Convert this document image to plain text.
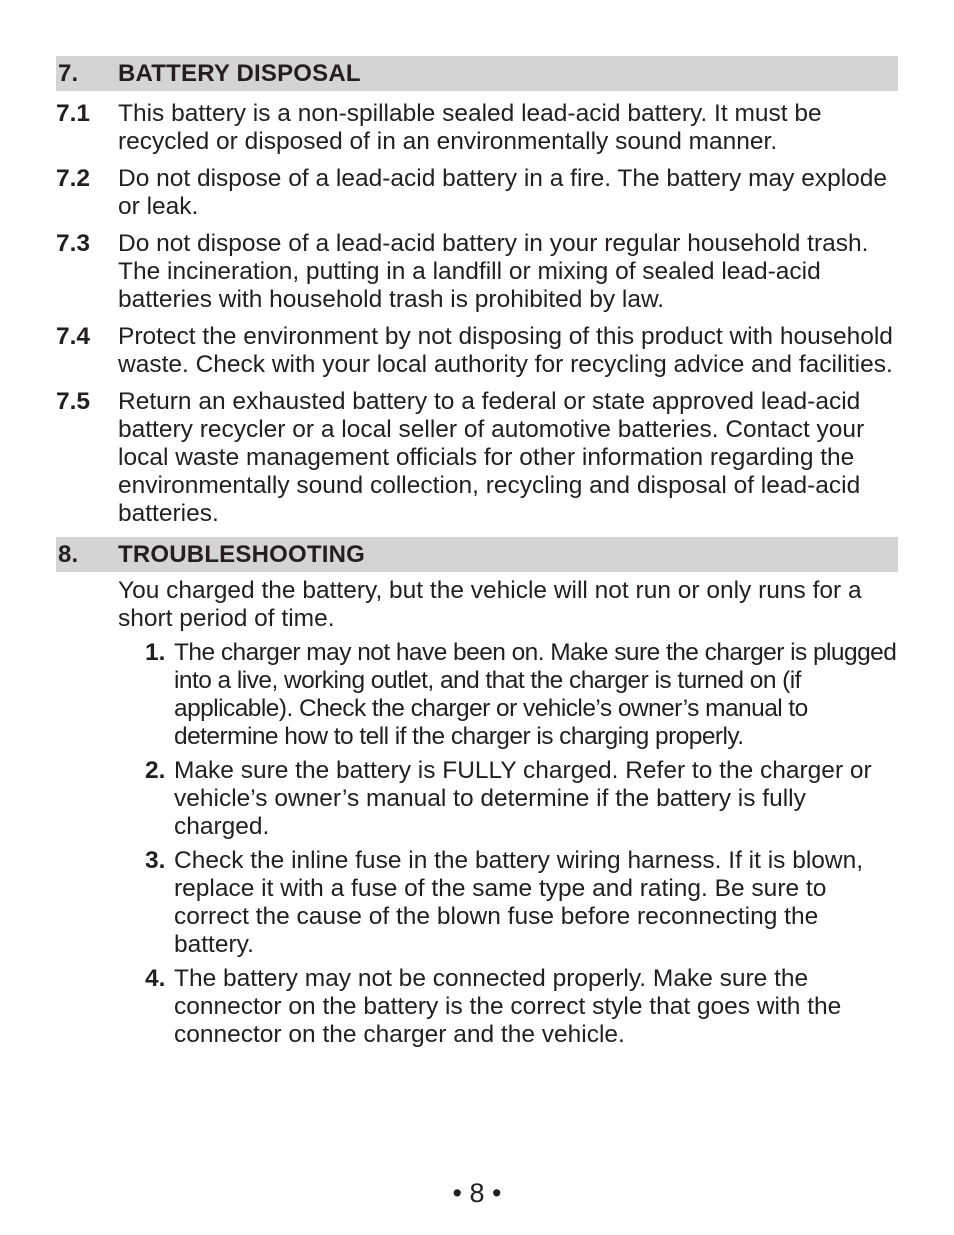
7.	BATTERY DISPOSAL
7.1	This battery is a non-spillable sealed lead-acid battery. It must be recycled or disposed of in an environmentally sound manner.
7.2	Do not dispose of a lead-acid battery in a fire. The battery may explode or leak.
7.3	Do not dispose of a lead-acid battery in your regular household trash. The incineration, putting in a landfill or mixing of sealed lead-acid batteries with household trash is prohibited by law.
7.4	Protect the environment by not disposing of this product with household waste. Check with your local authority for recycling advice and facilities.
7.5	Return an exhausted battery to a federal or state approved lead-acid battery recycler or a local seller of automotive batteries. Contact your local waste management officials for other information regarding the environmentally sound collection, recycling and disposal of lead-acid batteries.
8.	TROUBLESHOOTING
You charged the battery, but the vehicle will not run or only runs for a short period of time.
1. The charger may not have been on. Make sure the charger is plugged into a live, working outlet, and that the charger is turned on (if applicable). Check the charger or vehicle’s owner’s manual to determine how to tell if the charger is charging properly.
2. Make sure the battery is FULLY charged. Refer to the charger or vehicle’s owner’s manual to determine if the battery is fully charged.
3. Check the inline fuse in the battery wiring harness. If it is blown, replace it with a fuse of the same type and rating. Be sure to correct the cause of the blown fuse before reconnecting the battery.
4. The battery may not be connected properly. Make sure the connector on the battery is the correct style that goes with the connector on the charger and the vehicle.
• 8 •
